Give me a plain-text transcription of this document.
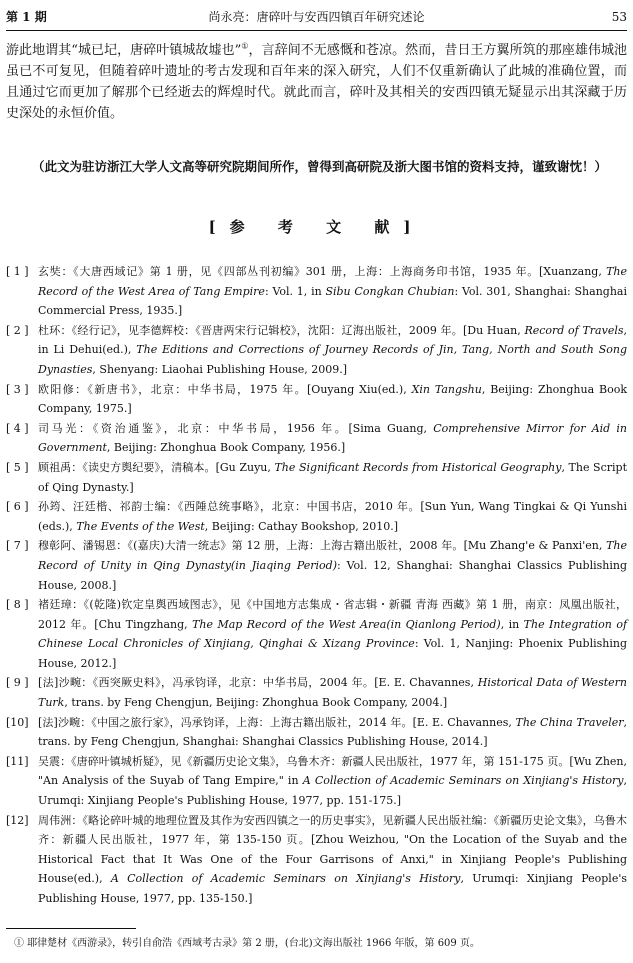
第 1 期	尚永亮：唐碎叶与安西四镇百年研究述论	53
游此地谓其“城已圮，唐碎叶镇城故墟也”①，言辞间不无感慨和苍凉。然而，昔日王方翼所筑的那座雄伟城池虽已不可复见，但随着碎叶遗址的考古发现和百年来的深入研究，人们不仅重新确认了此城的准确位置，而且通过它而更加了解那个已经逝去的辉煌时代。就此而言，碎叶及其相关的安西四镇无疑显示出其深藏于历史深处的永恒价值。
（此文为驻访浙江大学人文高等研究院期间所作，曾得到高研院及浙大图书馆的资料支持，谨致谢忱！）
[参 考 文 献]
[ 1 ] 玄奘：《大唐西域记》第 1 册，见《四部丛刊初编》301 册，上海：上海商务印书馆，1935 年。[Xuanzang, The Record of the West Area of Tang Empire: Vol. 1, in Sibu Congkan Chubian: Vol. 301, Shanghai: Shanghai Commercial Press, 1935.]
[ 2 ] 杜环：《经行记》，见李德辉校：《晋唐两宋行记辑校》，沈阳：辽海出版社，2009 年。[Du Huan, Record of Travels, in Li Dehui(ed.), The Editions and Corrections of Journey Records of Jin, Tang, North and South Song Dynasties, Shenyang: Liaohai Publishing House, 2009.]
[ 3 ] 欧阳修：《新唐书》，北京：中华书局，1975 年。[Ouyang Xiu(ed.), Xin Tangshu, Beijing: Zhonghua Book Company, 1975.]
[ 4 ] 司马光：《资治通鉴》，北京：中华书局，1956 年。[Sima Guang, Comprehensive Mirror for Aid in Government, Beijing: Zhonghua Book Company, 1956.]
[ 5 ] 顾祖禹：《读史方舆纪要》，清稿本。[Gu Zuyu, The Significant Records from Historical Geography, The Script of Qing Dynasty.]
[ 6 ] 孙筠、汪廷楷、祁韵士编：《西陲总统事略》，北京：中国书店，2010 年。[Sun Yun, Wang Tingkai & Qi Yunshi (eds.), The Events of the West, Beijing: Cathay Bookshop, 2010.]
[ 7 ] 穆彰阿、潘锡恩：《(嘉庆)大清一统志》第 12 册，上海：上海古籍出版社，2008 年。[Mu Zhang'e & Panxi'en, The Record of Unity in Qing Dynasty(in Jiaqing Period): Vol. 12, Shanghai: Shanghai Classics Publishing House, 2008.]
[ 8 ] 褚廷璋：《(乾隆)钦定皇舆西域图志》，见《中国地方志集成・省志辑・新疆 青海 西藏》第 1 册，南京：凤凰出版社，2012 年。[Chu Tingzhang, The Map Record of the West Area(in Qianlong Period), in The Integration of Chinese Local Chronicles of Xinjiang, Qinghai & Xizang Province: Vol. 1, Nanjing: Phoenix Publishing House, 2012.]
[ 9 ] [法]沙畹：《西突厥史料》，冯承钧译，北京：中华书局，2004 年。[E. E. Chavannes, Historical Data of Western Turk, trans. by Feng Chengjun, Beijing: Zhonghua Book Company, 2004.]
[10] [法]沙畹：《中国之旅行家》，冯承钧译，上海：上海古籍出版社，2014 年。[E. E. Chavannes, The China Traveler, trans. by Feng Chengjun, Shanghai: Shanghai Classics Publishing House, 2014.]
[11] 吴震：《唐碎叶镇城析疑》，见《新疆历史论文集》，乌鲁木齐：新疆人民出版社，1977 年，第 151-175 页。[Wu Zhen, "An Analysis of the Suyab of Tang Empire," in A Collection of Academic Seminars on Xinjiang's History, Urumqi: Xinjiang People's Publishing House, 1977, pp. 151-175.]
[12] 周伟洲：《略论碎叶城的地理位置及其作为安西四镇之一的历史事实》，见新疆人民出版社编：《新疆历史论文集》，乌鲁木齐：新疆人民出版社，1977 年，第 135-150 页。[Zhou Weizhou, "On the Location of the Suyab and the Historical Fact that It Was One of the Four Garrisons of Anxi," in Xinjiang People's Publishing House(ed.), A Collection of Academic Seminars on Xinjiang's History, Urumqi: Xinjiang People's Publishing House, 1977, pp. 135-150.]
① 耶律楚材《西游录》，转引自俞浩《西域考古录》第 2 册，(台北)文海出版社 1966 年版，第 609 页。
